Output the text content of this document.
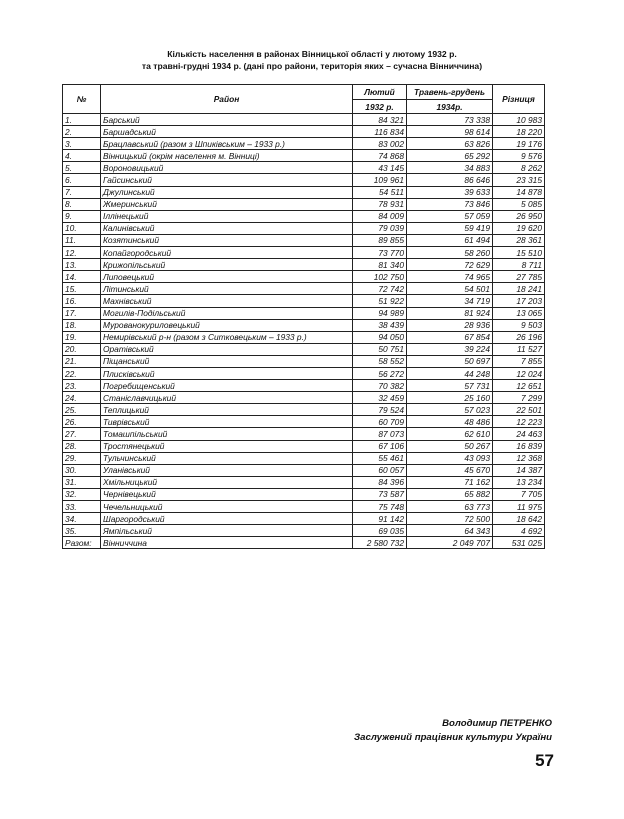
Кількість населення в районах Вінницької області у лютому 1932 р.
та травні-грудні 1934 р. (дані про райони, територія яких – сучасна Вінниччина)
№	Район	Лютий	Травень-грудень	Різниця
		1932 р.	1934р.	
1.	Барський	84 321	73 338	10 983
2.	Баршадський	116 834	98 614	18 220
3.	Брацлавський (разом з Шпиківським – 1933 р.)	83 002	63 826	19 176
4.	Вінницький (окрім населення м. Вінниці)	74 868	65 292	9 576
5.	Вороновицький	43 145	34 883	8 262
6.	Гайсинський	109 961	86 646	23 315
7.	Джулинський	54 511	39 633	14 878
8.	Жмеринський	78 931	73 846	5 085
9.	Іллінецький	84 009	57 059	26 950
10.	Калинівський	79 039	59 419	19 620
11.	Козятинський	89 855	61 494	28 361
12.	Копайгородський	73 770	58 260	15 510
13.	Крижопільський	81 340	72 629	8 711
14.	Липовецький	102 750	74 965	27 785
15.	Літинський	72 742	54 501	18 241
16.	Махнівський	51 922	34 719	17 203
17.	Могилів-Подільський	94 989	81 924	13 065
18.	Мурованокуриловецький	38 439	28 936	9 503
19.	Немирівський р-н (разом з Ситковецьким – 1933 р.)	94 050	67 854	26 196
20.	Оратівський	50 751	39 224	11 527
21.	Піщанський	58 552	50 697	7 855
22.	Плисківський	56 272	44 248	12 024
23.	Погребищенський	70 382	57 731	12 651
24.	Станіславчицький	32 459	25 160	7 299
25.	Теплицький	79 524	57 023	22 501
26.	Тиврівський	60 709	48 486	12 223
27.	Томашпільський	87 073	62 610	24 463
28.	Тростянецький	67 106	50 267	16 839
29.	Тульчинський	55 461	43 093	12 368
30.	Уланівський	60 057	45 670	14 387
31.	Хмільницький	84 396	71 162	13 234
32.	Чернівецький	73 587	65 882	7 705
33.	Чечельницький	75 748	63 773	11 975
34.	Шаргородський	91 142	72 500	18 642
35.	Ямпільський	69 035	64 343	4 692
Разом:	Вінниччина	2 580 732	2 049 707	531 025
Володимир ПЕТРЕНКО
Заслужений працівник культури України
57
